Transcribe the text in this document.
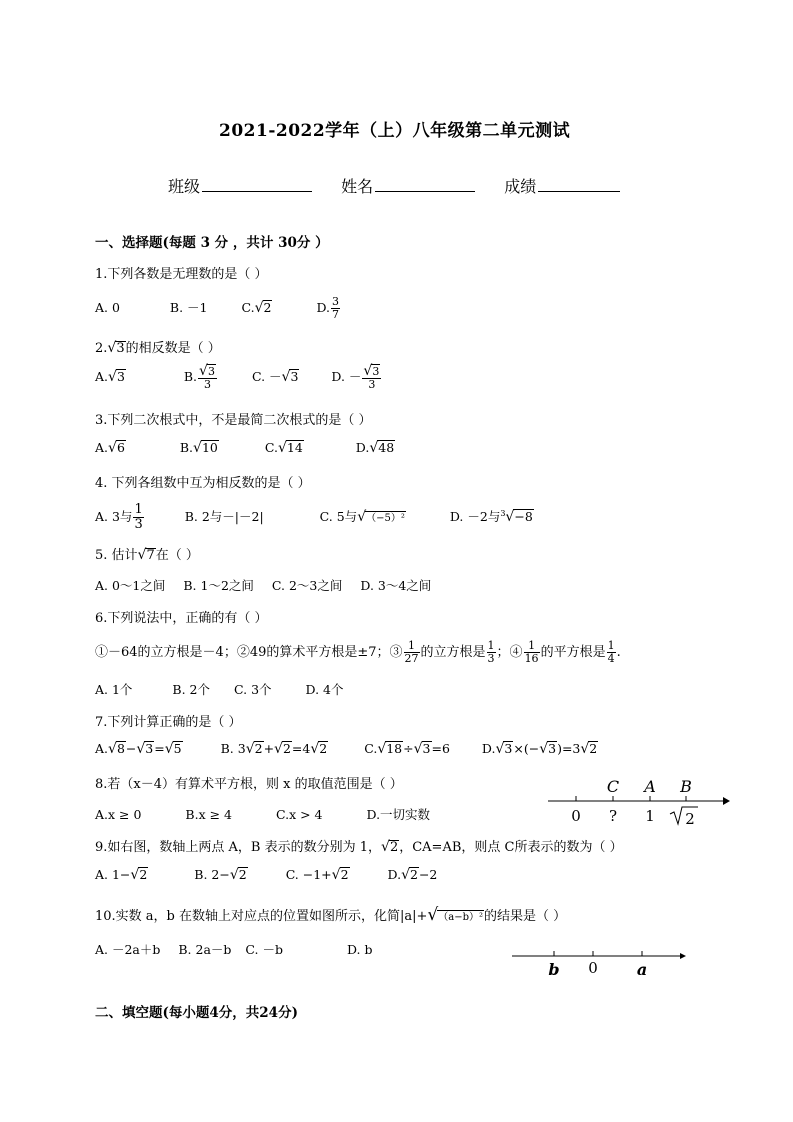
2021-2022学年（上）八年级第二单元测试
班级	姓名	成绩
一、选择题(每题 3 分 ，共计 30分 ）
1.下列各数是无理数的是（ ）
A. 0	B. －1	C.√2	D. $\frac{3}{7}$
2.√3的相反数是（ ）
A.√3	B. $\frac{√3}{3}$	C. －√3	D. － $\frac{√3}{3}$
3.下列二次根式中，不是最简二次根式的是（ ）
A.√6	B.√10	C.√14	D.√48
4. 下列各组数中互为相反数的是（ ）
A. 3与 $\frac{1}{3}$	B. 2与－|－2|	C. 5与√（−5）²	D. －2与$^3$√−8
5. 估计√7在（ ）
A. 0～1之间 B. 1～2之间 C. 2～3之间 D. 3～4之间
6.下列说法中，正确的有（ ）
①－64的立方根是－4；②49的算术平方根是±7；③ $\frac{1}{27}$ 的立方根是 $\frac{1}{3}$ ；④ $\frac{1}{16}$ 的平方根是 $\frac{1}{4}$ .
A. 1个	B. 2个 C. 3个	D. 4个
7.下列计算正确的是（ ）
A.√8−√3=√5	B. 3√2+√2=4√2	C.√18÷√3=6	D.√3×(−√3)=3√2
8.若（x－4）有算术平方根，则 x 的取值范围是（ ）
A.x ≥ 0	B.x ≥ 4	C.x > 4	D.一切实数
C A B
0 ? 1 2
9.如右图，数轴上两点 A，B 表示的数分别为 1，√2，CA=AB，则点 C所表示的数为（ ）
A. 1−√2	B. 2−√2	C. −1+√2	D.√2−2
10.实数 a，b 在数轴上对应点的位置如图所示，化简|a|+√（a−b）²的结果是（ ）
A. －2a＋b B. 2a－b C. －b	D. b
b 0 a
二、填空题(每小题4分，共24分)
